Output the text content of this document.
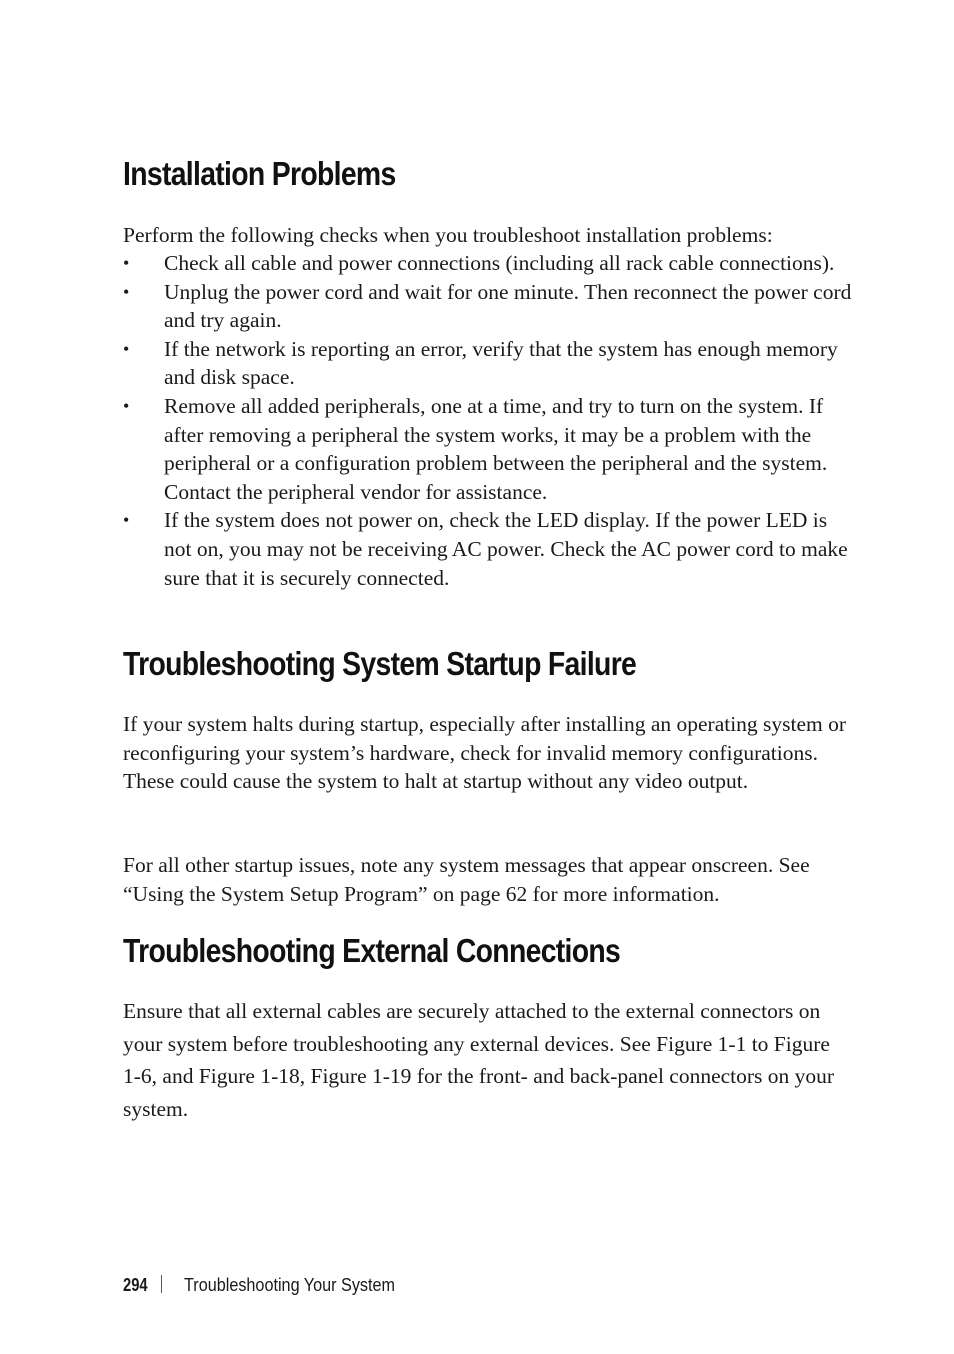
Installation Problems

Perform the following checks when you troubleshoot installation problems:

• Check all cable and power connections (including all rack cable connections).
• Unplug the power cord and wait for one minute. Then reconnect the power cord and try again.
• If the network is reporting an error, verify that the system has enough memory and disk space.
• Remove all added peripherals, one at a time, and try to turn on the system. If after removing a peripheral the system works, it may be a problem with the peripheral or a configuration problem between the peripheral and the system. Contact the peripheral vendor for assistance.
• If the system does not power on, check the LED display. If the power LED is not on, you may not be receiving AC power. Check the AC power cord to make sure that it is securely connected.
Troubleshooting System Startup Failure

If your system halts during startup, especially after installing an operating system or reconfiguring your system’s hardware, check for invalid memory configurations. These could cause the system to halt at startup without any video output.

For all other startup issues, note any system messages that appear onscreen. See “Using the System Setup Program” on page 62 for more information.

Troubleshooting External Connections

Ensure that all external cables are securely attached to the external connectors on your system before troubleshooting any external devices. See Figure 1-1 to Figure 1-6, and Figure 1-18, Figure 1-19 for the front- and back-panel connectors on your system.

294 Troubleshooting Your System
